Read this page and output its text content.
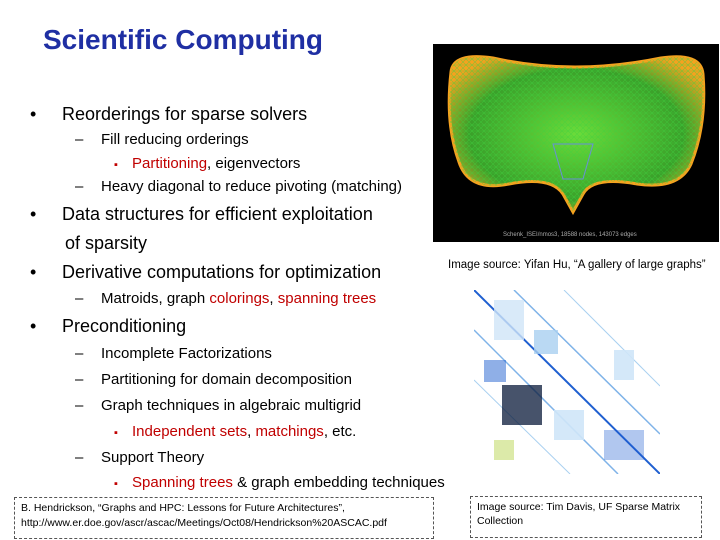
Scientific Computing
• Reorderings for sparse solvers
– Fill reducing orderings
▪ Partitioning, eigenvectors
– Heavy diagonal to reduce pivoting (matching)
• Data structures for efficient exploitation
of sparsity
• Derivative computations for optimization
– Matroids, graph colorings, spanning trees
• Preconditioning
– Incomplete Factorizations
– Partitioning for domain decomposition
– Graph techniques in algebraic multigrid
▪ Independent sets, matchings, etc.
– Support Theory
▪ Spanning trees & graph embedding techniques
Schenk_ISEI/nmos3, 18588 nodes, 143073 edges
Image source: Yifan Hu, “A gallery of large graphs”
B. Hendrickson, “Graphs and HPC: Lessons for Future Architectures”,
http://www.er.doe.gov/ascr/ascac/Meetings/Oct08/Hendrickson%20ASCAC.pdf
Image source: Tim Davis, UF Sparse Matrix
Collection
